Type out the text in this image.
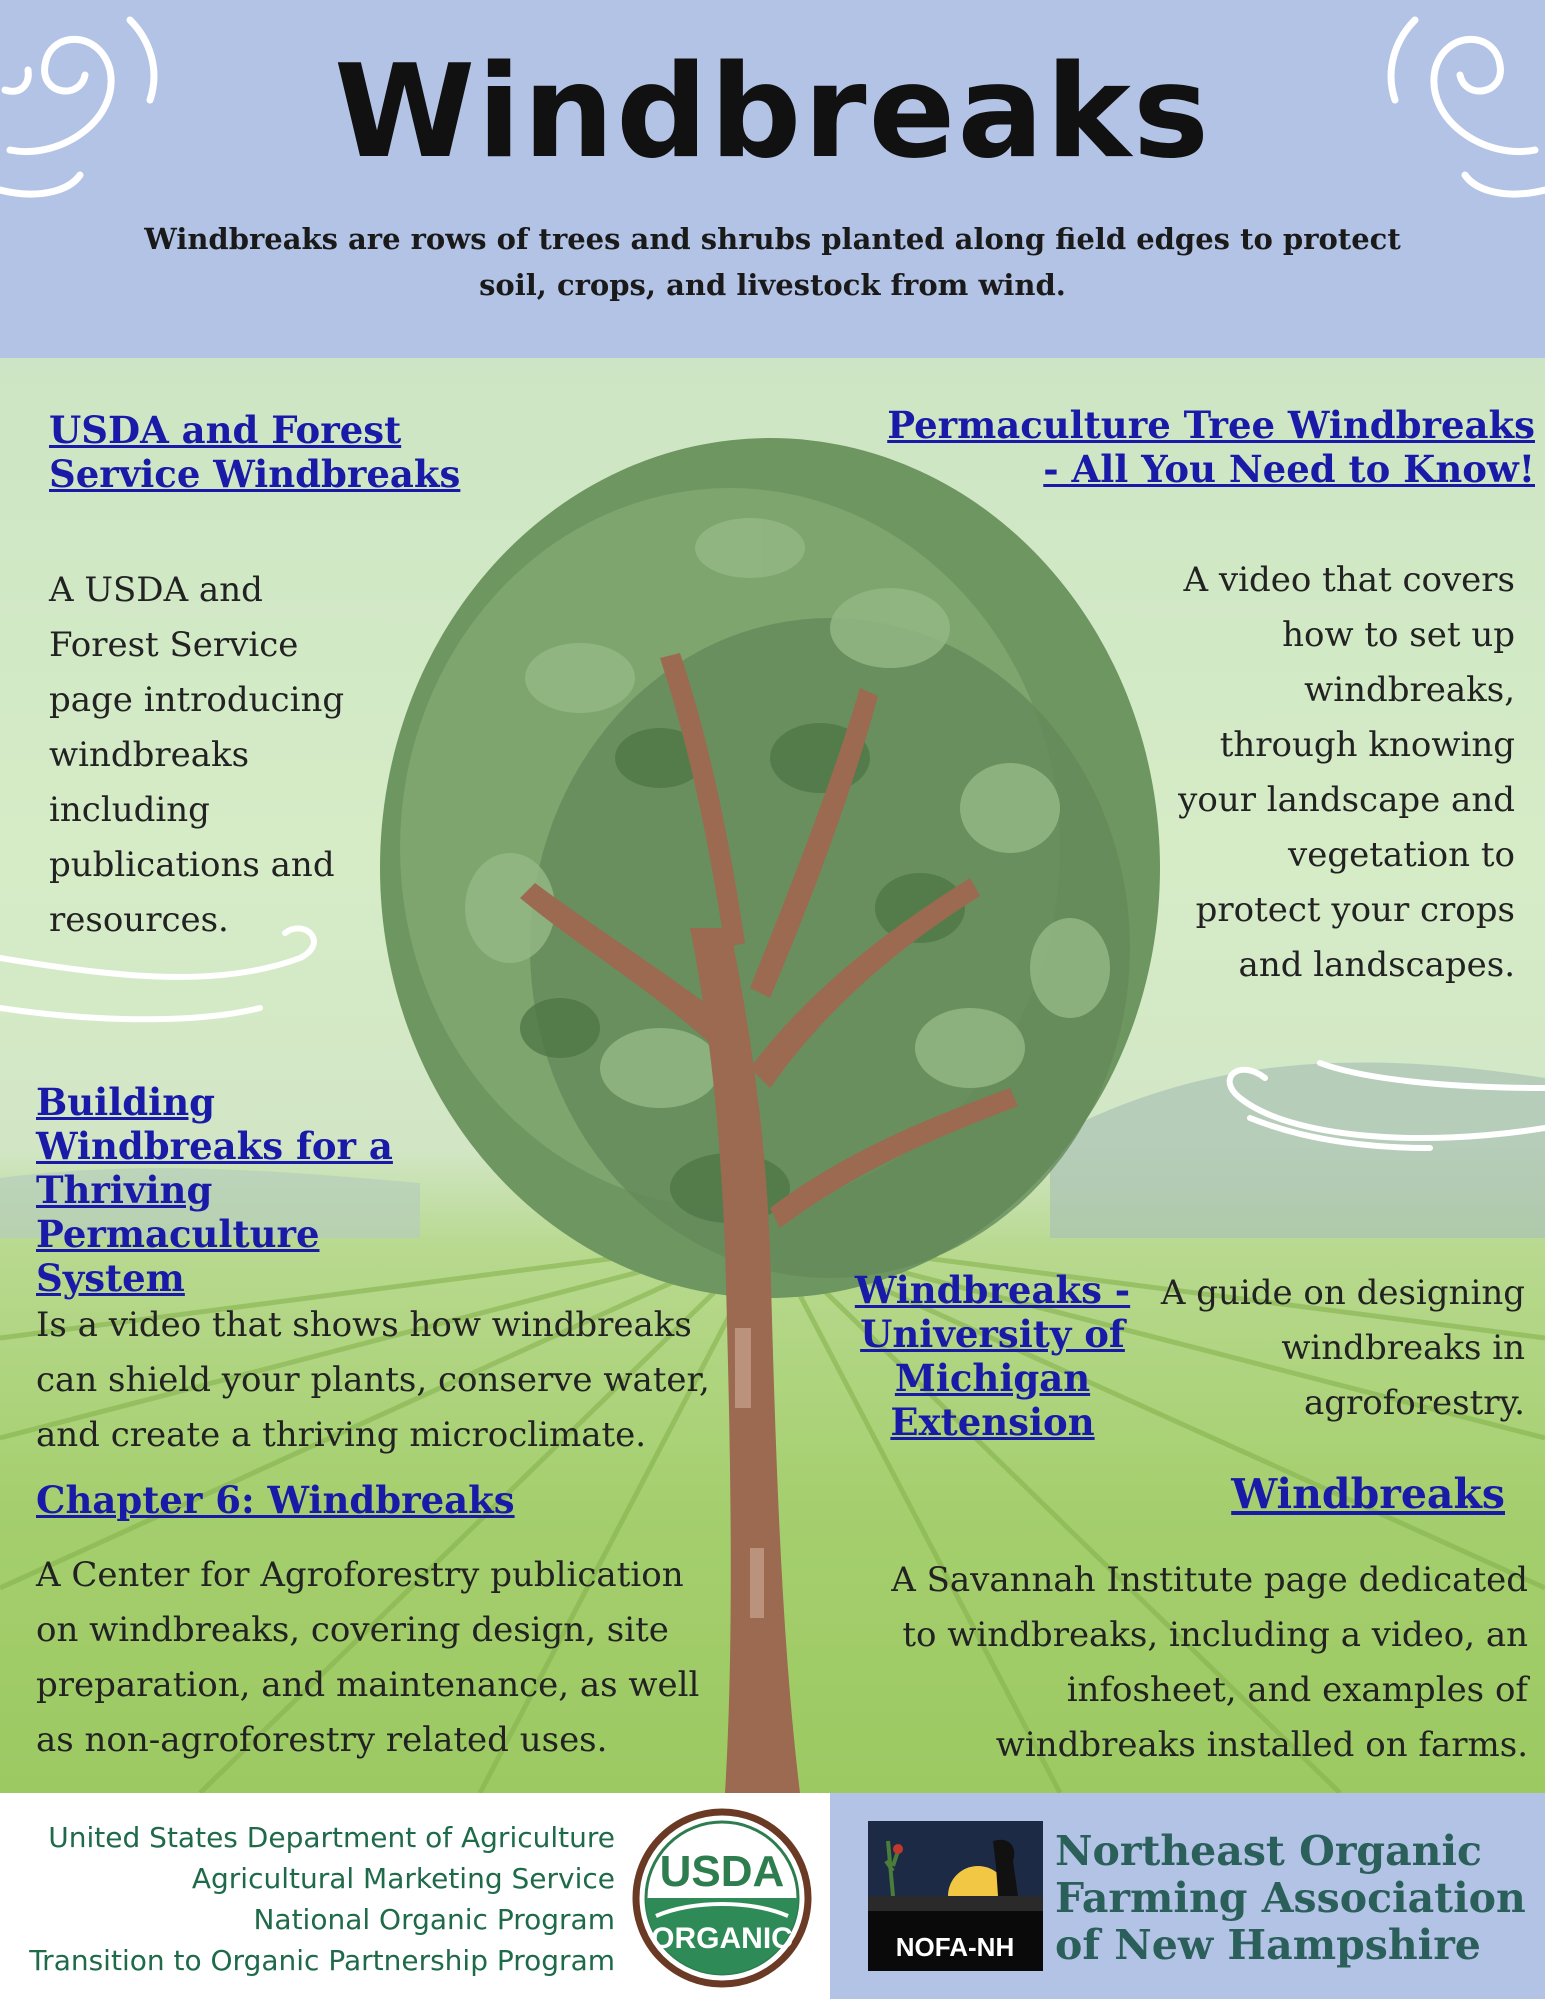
Windbreaks
Windbreaks are rows of trees and shrubs planted along field edges to protect soil, crops, and livestock from wind.
USDA and Forest Service Windbreaks
A USDA and Forest Service page introducing windbreaks including publications and resources.
Permaculture Tree Windbreaks - All You Need to Know!
A video that covers how to set up windbreaks, through knowing your landscape and vegetation to protect your crops and landscapes.
Building Windbreaks for a Thriving Permaculture System
Is a video that shows how windbreaks can shield your plants, conserve water, and create a thriving microclimate.
Windbreaks - University of Michigan Extension
A guide on designing windbreaks in agroforestry.
Chapter 6: Windbreaks
A Center for Agroforestry publication on windbreaks, covering design, site preparation, and maintenance, as well as non-agroforestry related uses.
Windbreaks
A Savannah Institute page dedicated to windbreaks, including a video, an infosheet, and examples of windbreaks installed on farms.
United States Department of Agriculture
Agricultural Marketing Service
National Organic Program
Transition to Organic Partnership Program
USDA
ORGANIC	NOFA-NH
Northeast Organic
Farming Association
of New Hampshire
